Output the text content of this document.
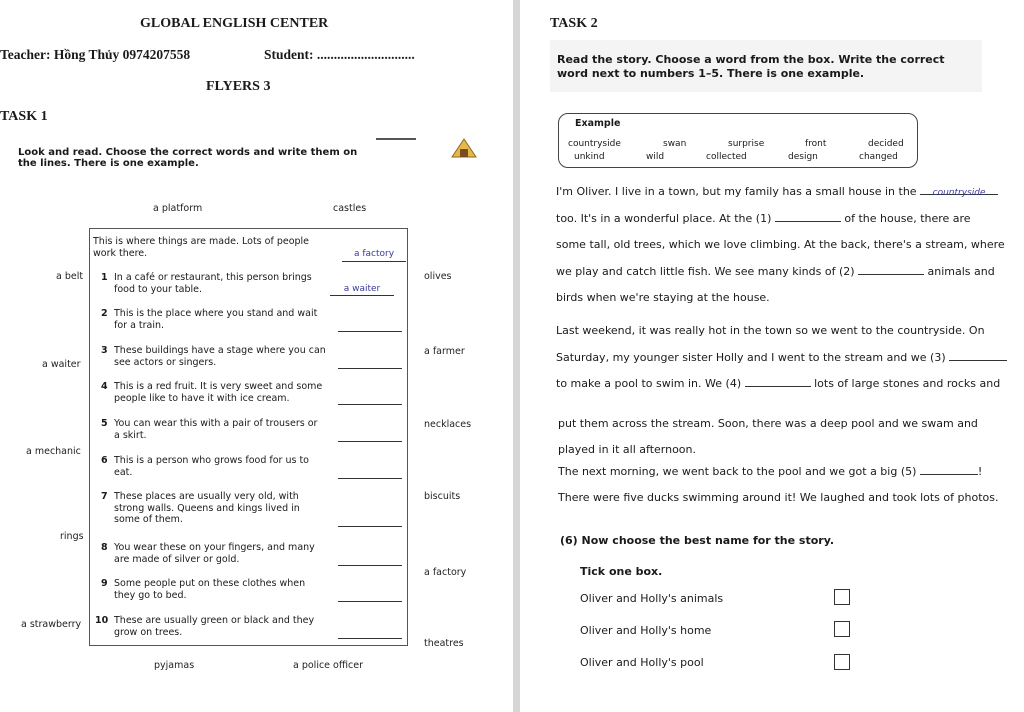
GLOBAL ENGLISH CENTER
Teacher: Hồng Thủy 0974207558	Student: .............................
FLYERS 3
TASK 1
Look and read. Choose the correct words and write them on the lines. There is one example.
a platform	castles
a belt	olives
a waiter
a farmer
necklaces
a mechanic
biscuits
rings
a factory
a strawberry
theatres
pyjamas	a police officer
This is where things are made. Lots of people work there.	a factory
1 In a café or restaurant, this person brings food to your table.	a waiter
2 This is the place where you stand and wait for a train.
3 These buildings have a stage where you can see actors or singers.
4 This is a red fruit. It is very sweet and some people like to have it with ice cream.
5 You can wear this with a pair of trousers or a skirt.
6 This is a person who grows food for us to eat.
7 These places are usually very old, with strong walls. Queens and kings lived in some of them.
8 You wear these on your fingers, and many are made of silver or gold.
9 Some people put on these clothes when they go to bed.
10 These are usually green or black and they grow on trees.
TASK 2
Read the story. Choose a word from the box. Write the correct word next to numbers 1–5. There is one example.
Example
countryside	swan	surprise	front	decided
unkind	wild	collected	design	changed
I'm Oliver. I live in a town, but my family has a small house in the countryside
too. It's in a wonderful place. At the (1)	of the house, there are
some tall, old trees, which we love climbing. At the back, there's a stream, where
we play and catch little fish. We see many kinds of (2)	animals and
birds when we're staying at the house.
Last weekend, it was really hot in the town so we went to the countryside. On
Saturday, my younger sister Holly and I went to the stream and we (3)
to make a pool to swim in. We (4)	lots of large stones and rocks and
put them across the stream. Soon, there was a deep pool and we swam and
played in it all afternoon.
The next morning, we went back to the pool and we got a big (5)	!
There were five ducks swimming around it! We laughed and took lots of photos.
(6) Now choose the best name for the story.
Tick one box.
Oliver and Holly's animals
Oliver and Holly's home
Oliver and Holly's pool
